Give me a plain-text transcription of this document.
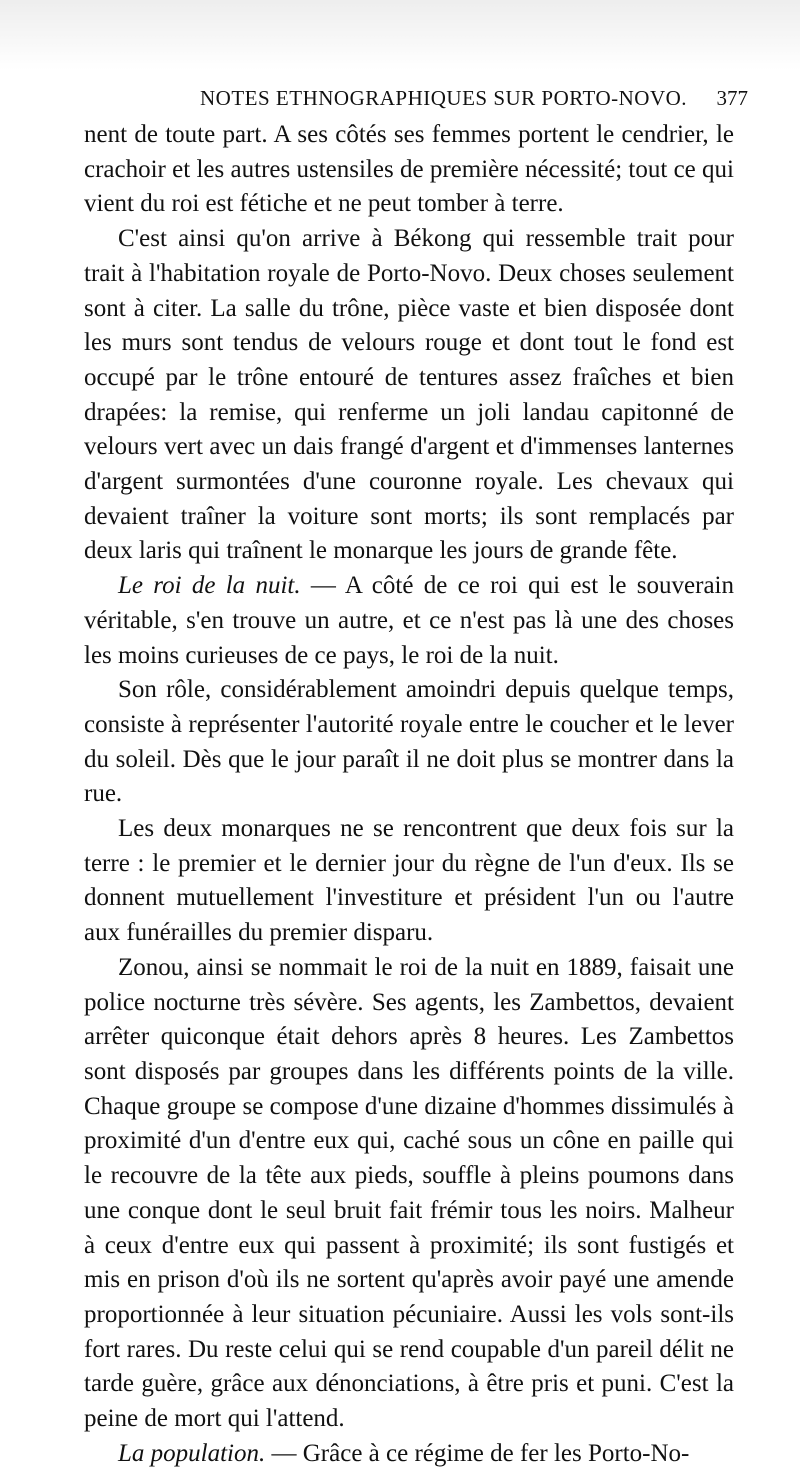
NOTES ETHNOGRAPHIQUES SUR PORTO-NOVO. 377

nent de toute part. A ses côtés ses femmes portent le cendrier, le crachoir et les autres ustensiles de première nécessité; tout ce qui vient du roi est fétiche et ne peut tomber à terre.

C'est ainsi qu'on arrive à Békong qui ressemble trait pour trait à l'habitation royale de Porto-Novo. Deux choses seulement sont à citer. La salle du trône, pièce vaste et bien disposée dont les murs sont tendus de velours rouge et dont tout le fond est occupé par le trône entouré de tentures assez fraîches et bien drapées: la remise, qui renferme un joli landau capitonné de velours vert avec un dais frangé d'argent et d'immenses lanternes d'argent surmontées d'une couronne royale. Les chevaux qui devaient traîner la voiture sont morts; ils sont remplacés par deux laris qui traînent le monarque les jours de grande fête.

Le roi de la nuit. — A côté de ce roi qui est le souverain véritable, s'en trouve un autre, et ce n'est pas là une des choses les moins curieuses de ce pays, le roi de la nuit.

Son rôle, considérablement amoindri depuis quelque temps, consiste à représenter l'autorité royale entre le coucher et le lever du soleil. Dès que le jour paraît il ne doit plus se montrer dans la rue.

Les deux monarques ne se rencontrent que deux fois sur la terre : le premier et le dernier jour du règne de l'un d'eux. Ils se donnent mutuellement l'investiture et président l'un ou l'autre aux funérailles du premier disparu.

Zonou, ainsi se nommait le roi de la nuit en 1889, faisait une police nocturne très sévère. Ses agents, les Zambettos, devaient arrêter quiconque était dehors après 8 heures. Les Zambettos sont disposés par groupes dans les différents points de la ville. Chaque groupe se compose d'une dizaine d'hommes dissimulés à proximité d'un d'entre eux qui, caché sous un cône en paille qui le recouvre de la tête aux pieds, souffle à pleins poumons dans une conque dont le seul bruit fait frémir tous les noirs. Malheur à ceux d'entre eux qui passent à proximité; ils sont fustigés et mis en prison d'où ils ne sortent qu'après avoir payé une amende proportionnée à leur situation pécuniaire. Aussi les vols sont-ils fort rares. Du reste celui qui se rend coupable d'un pareil délit ne tarde guère, grâce aux dénonciations, à être pris et puni. C'est la peine de mort qui l'attend.

La population. — Grâce à ce régime de fer les Porto-No-
